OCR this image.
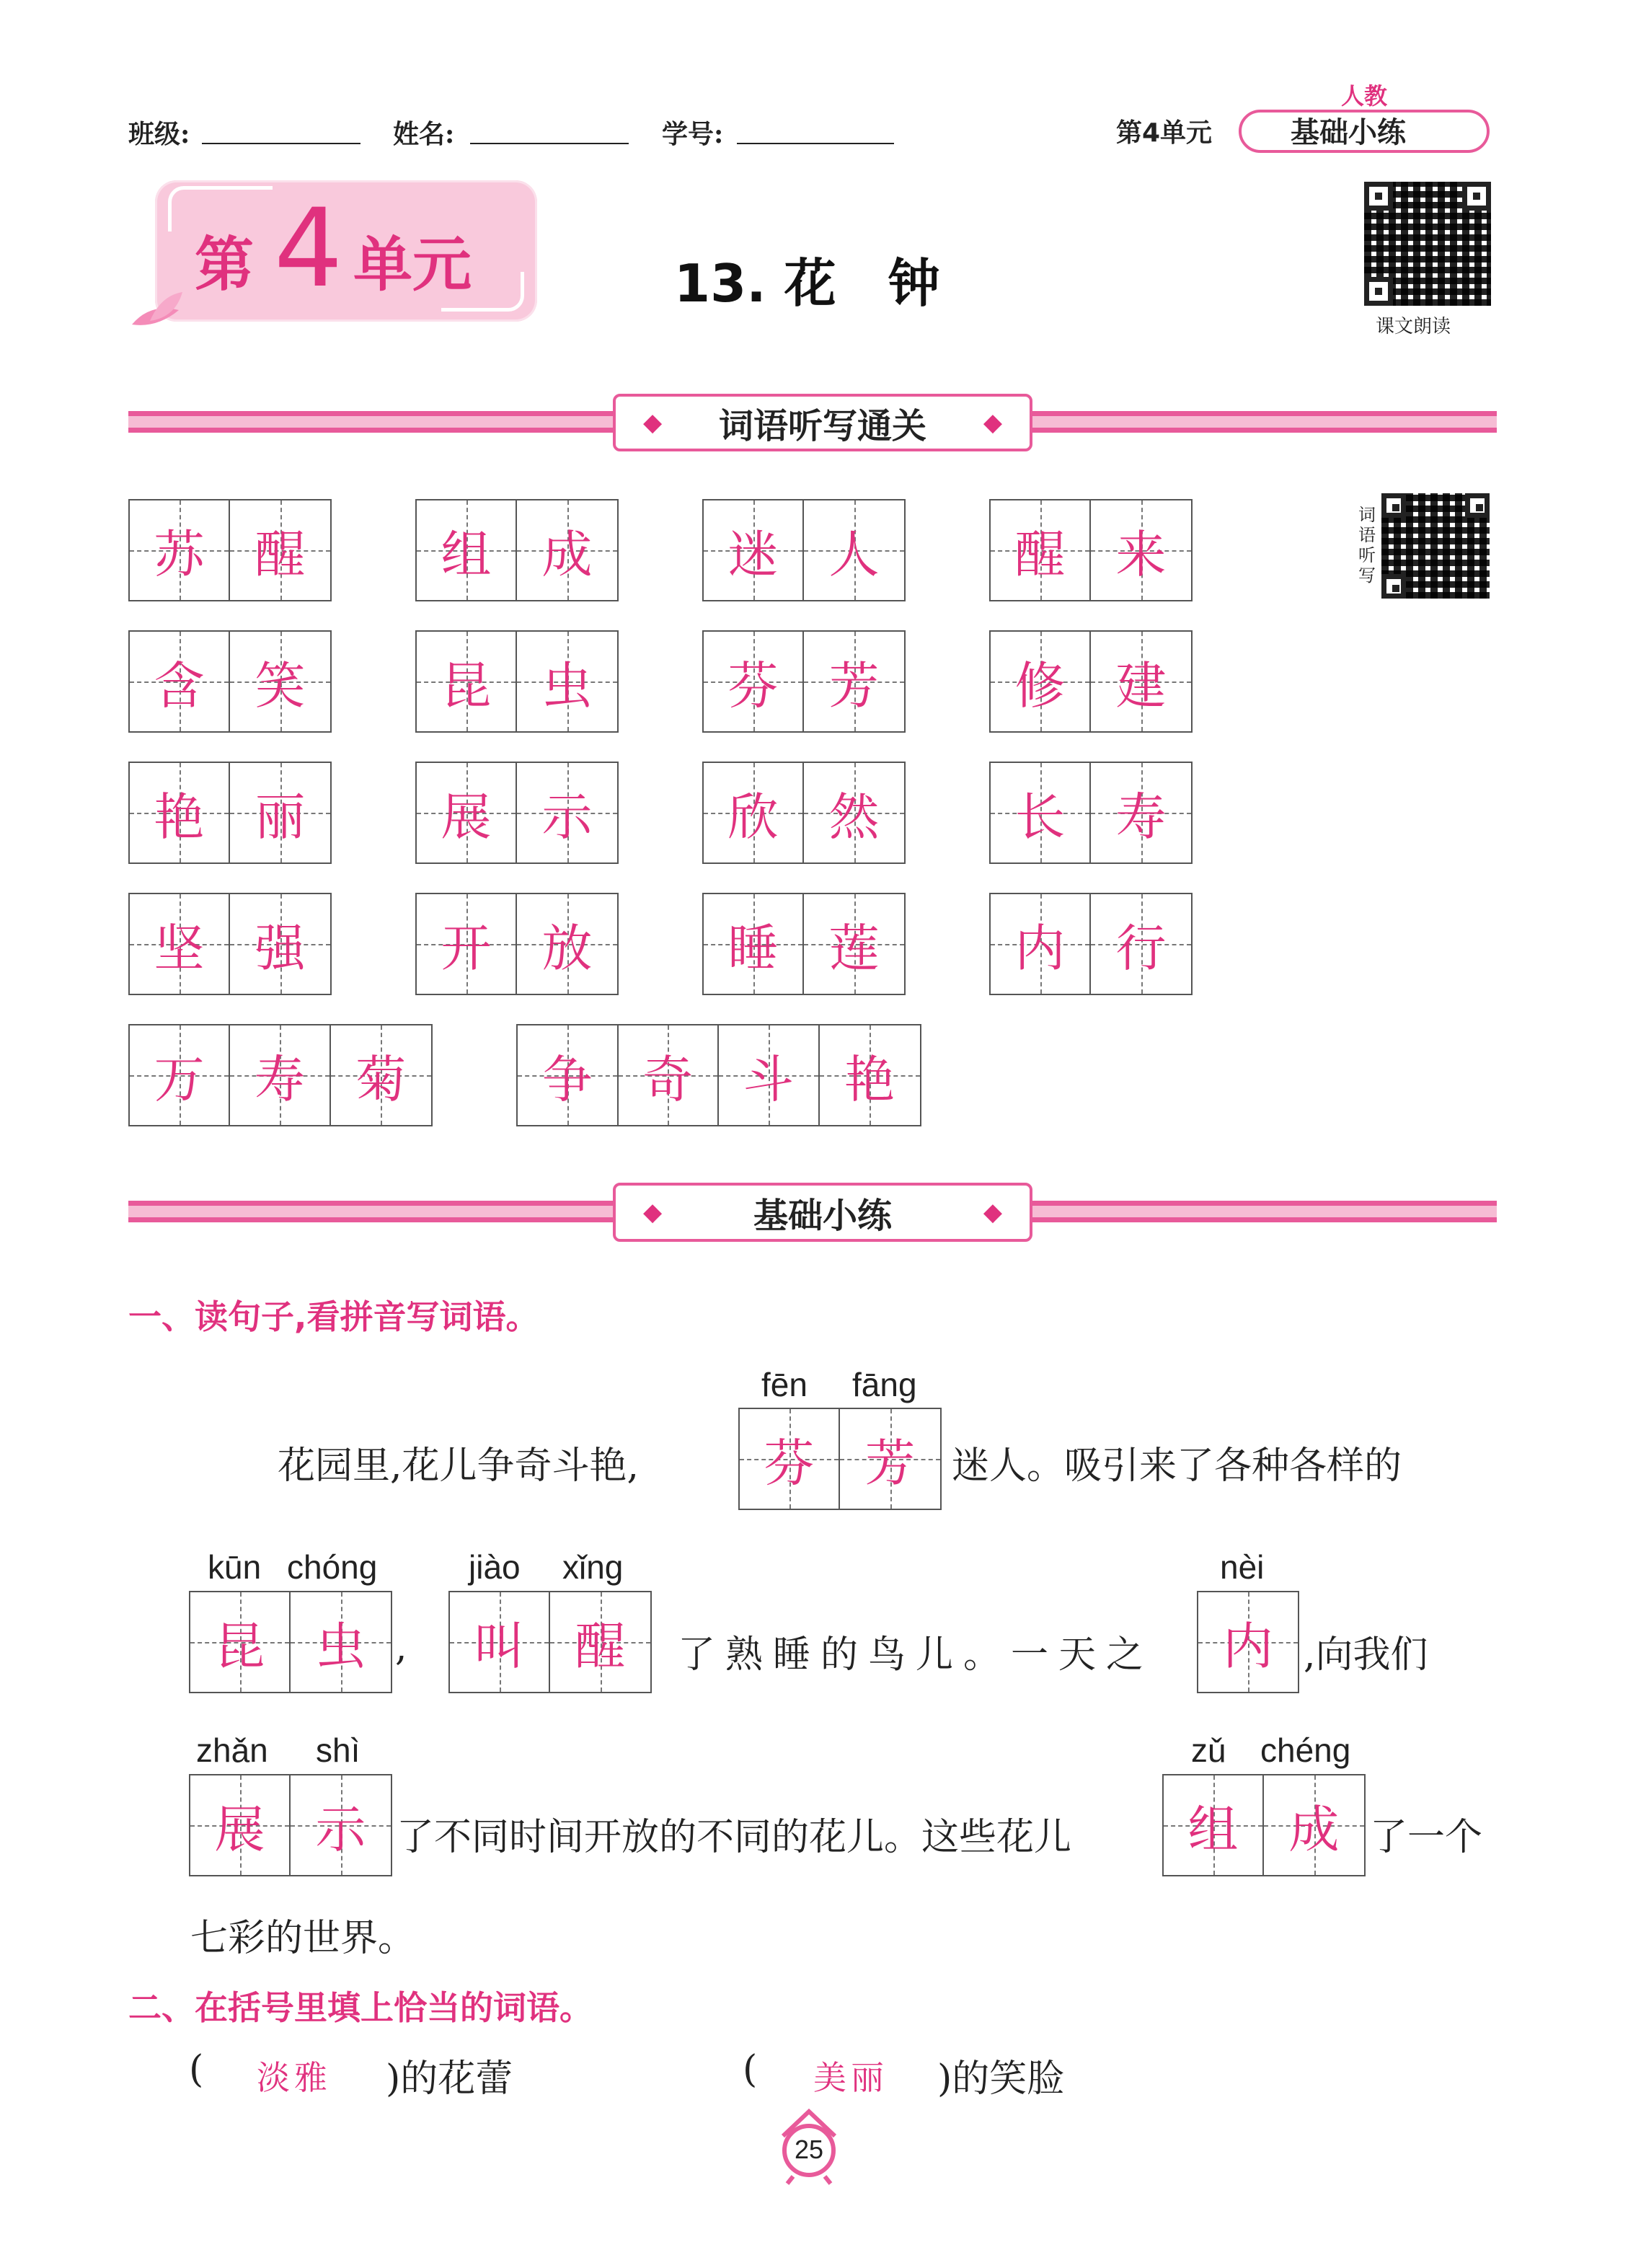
班级:	姓名:	学号:	第4单元
人教
基础小练
第 4 单元	13. 花　钟
课文朗读
◆ 词语听写通关 ◆
词
语
听
写
苏 醒	组 成	迷 人	醒 来
含 笑	昆 虫	芬 芳	修 建
艳 丽	展 示	欣 然	长 寿
坚 强	开 放	睡 莲	内 行
万 寿 菊	争 奇 斗 艳
◆	基础小练	◆
一、读句子,看拼音写词语。
花园里,花儿争奇斗艳,	迷人。吸引来了各种各样的
,	了熟睡的鸟儿。一天之	,向我们
了不同时间开放的不同的花儿。这些花儿	了一个
七彩的世界。
芬 芳
fēn fāng
昆 虫
kūn chóng
叫 醒
jiào xǐng
内
nèi
展 示
zhǎn shì
组 成
zǔ chéng
二、在括号里填上恰当的词语。
( 淡雅 )的花蕾	( 美丽 )的笑脸
25
